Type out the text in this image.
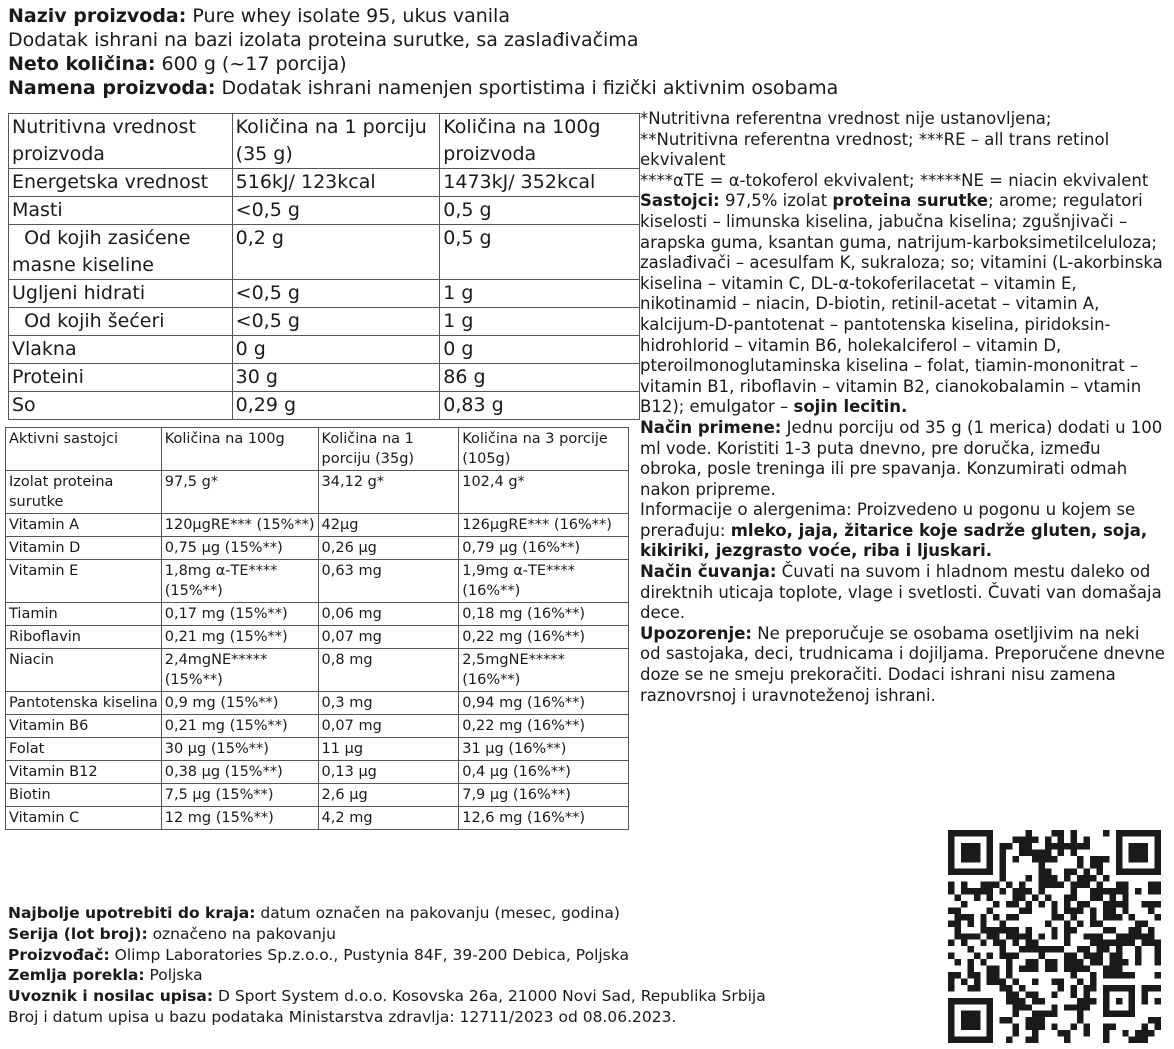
Naziv proizvoda: Pure whey isolate 95, ukus vanila
Dodatak ishrani na bazi izolata proteina surutke, sa zaslađivačima
Neto količina: 600 g (~17 porcija)
Namena proizvoda: Dodatak ishrani namenjen sportistima i fizički aktivnim osobama
Nutritivna vrednost proizvoda	Količina na 1 porciju (35 g)	Količina na 100g proizvoda
Energetska vrednost	516kJ/ 123kcal	1473kJ/ 352kcal
Masti	<0,5 g	0,5 g
Od kojih zasićene masne kiseline	0,2 g	0,5 g
Ugljeni hidrati	<0,5 g	1 g
Od kojih šećeri	<0,5 g	1 g
Vlakna	0 g	0 g
Proteini	30 g	86 g
So	0,29 g	0,83 g
Aktivni sastojci	Količina na 100g	Količina na 1 porciju (35g)	Količina na 3 porcije (105g)
Izolat proteina surutke	97,5 g*	34,12 g*	102,4 g*
Vitamin A	120µgRE*** (15%**)	42µg	126µgRE*** (16%**)
Vitamin D	0,75 µg (15%**)	0,26 µg	0,79 µg (16%**)
Vitamin E	1,8mg α-TE**** (15%**)	0,63 mg	1,9mg α-TE**** (16%**)
Tiamin	0,17 mg (15%**)	0,06 mg	0,18 mg (16%**)
Riboflavin	0,21 mg (15%**)	0,07 mg	0,22 mg (16%**)
Niacin	2,4mgNE***** (15%**)	0,8 mg	2,5mgNE***** (16%**)
Pantotenska kiselina	0,9 mg (15%**)	0,3 mg	0,94 mg (16%**)
Vitamin B6	0,21 mg (15%**)	0,07 mg	0,22 mg (16%**)
Folat	30 µg (15%**)	11 µg	31 µg (16%**)
Vitamin B12	0,38 µg (15%**)	0,13 µg	0,4 µg (16%**)
Biotin	7,5 µg (15%**)	2,6 µg	7,9 µg (16%**)
Vitamin C	12 mg (15%**)	4,2 mg	12,6 mg (16%**)

*Nutritivna referentna vrednost nije ustanovljena;

**Nutritivna referentna vrednost; ***RE – all trans retinol ekvivalent

****αTE = α-tokoferol ekvivalent; *****NE = niacin ekvivalent

Sastojci: 97,5% izolat proteina surutke; arome; regulatori kiselosti – limunska kiselina, jabučna kiselina; zgušnjivači – arapska guma, ksantan guma, natrijum-karboksimetilceluloza; zaslađivači – acesulfam K, sukraloza; so; vitamini (L-akorbinska kiselina – vitamin C, DL-α-tokoferilacetat – vitamin E, nikotinamid – niacin, D-biotin, retinil-acetat – vitamin A, kalcijum-D-pantotenat – pantotenska kiselina, piridoksin-hidrohlorid – vitamin B6, holekalciferol – vitamin D, pteroilmonoglutaminska kiselina – folat, tiamin-mononitrat – vitamin B1, riboflavin – vitamin B2, cianokobalamin – vtamin B12); emulgator – sojin lecitin.

Način primene: Jednu porciju od 35 g (1 merica) dodati u 100 ml vode. Koristiti 1-3 puta dnevno, pre doručka, između obroka, posle treninga ili pre spavanja. Konzumirati odmah nakon pripreme.

Informacije o alergenima: Proizvedeno u pogonu u kojem se prerađuju: mleko, jaja, žitarice koje sadrže gluten, soja, kikiriki, jezgrasto voće, riba i ljuskari.

Način čuvanja: Čuvati na suvom i hladnom mestu daleko od direktnih uticaja toplote, vlage i svetlosti. Čuvati van domašaja dece.

Upozorenje: Ne preporučuje se osobama osetljivim na neki od sastojaka, deci, trudnicama i dojiljama. Preporučene dnevne doze se ne smeju prekoračiti. Dodaci ishrani nisu zamena raznovrsnoj i uravnoteženoj ishrani.

Najbolje upotrebiti do kraja: datum označen na pakovanju (mesec, godina)
Serija (lot broj): označeno na pakovanju
Proizvođač: Olimp Laboratories Sp.z.o.o., Pustynia 84F, 39-200 Debica, Poljska
Zemlja porekla: Poljska
Uvoznik i nosilac upisa: D Sport System d.o.o. Kosovska 26a, 21000 Novi Sad, Republika Srbija
Broj i datum upisa u bazu podataka Ministarstva zdravlja: 12711/2023 od 08.06.2023.
